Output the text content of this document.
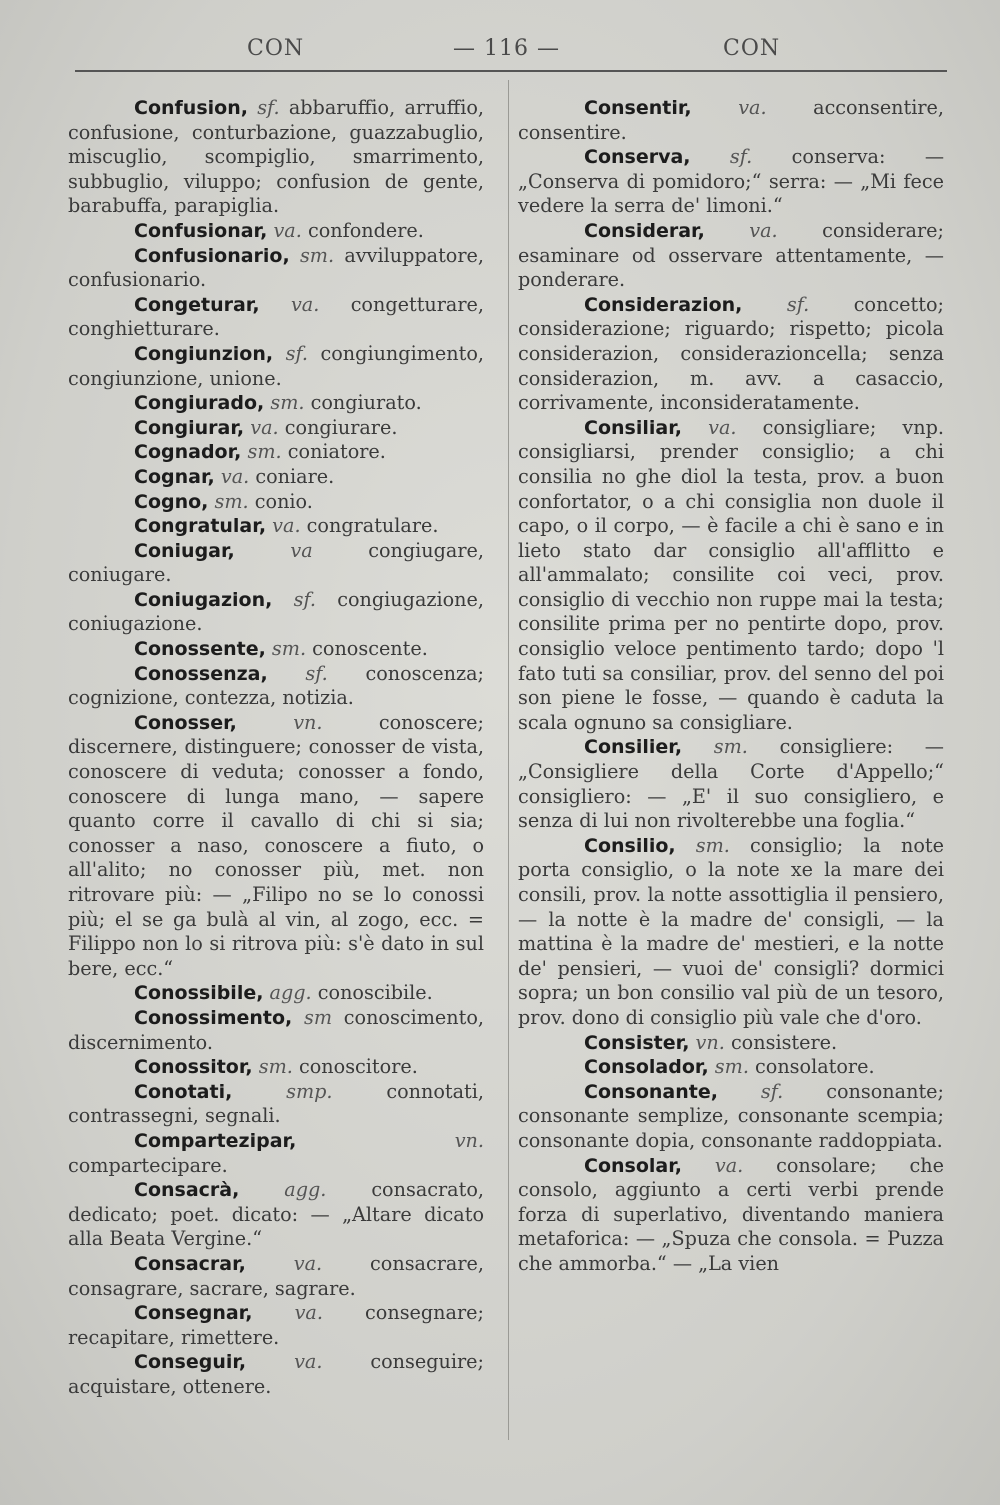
CON	— 116 —	CON

Confusion, sf. abbaruffio, arruffio, confusione, conturbazione, guazzabuglio, miscuglio, scompiglio, smarrimento, subbuglio, viluppo; confusion de gente, barabuffa, parapiglia.

Confusionar, va. confondere.

Confusionario, sm. avviluppatore, confusionario.

Congeturar, va. congetturare, conghietturare.

Congiunzion, sf. congiungimento, congiunzione, unione.

Congiurado, sm. congiurato.

Congiurar, va. congiurare.

Cognador, sm. coniatore.

Cognar, va. coniare.

Cogno, sm. conio.

Congratular, va. congratulare.

Coniugar,	va	congiugare, coniugare.

Coniugazion, sf. congiugazione, coniugazione.

Conossente, sm. conoscente.

Conossenza, sf. conoscenza; cognizione, contezza, notizia.

Conosser,	vn.	conoscere; discernere, distinguere; conosser de vista, conoscere di veduta; conosser a fondo, conoscere di lunga mano, — sapere quanto corre il cavallo di chi si sia; conosser a naso, conoscere a fiuto, o all'alito; no conosser più, met. non ritrovare più: — „Filipo no se lo conossi più; el se ga bulà al vin, al zogo, ecc. = Filippo non lo si ritrova più: s'è dato in sul bere, ecc.“

Conossibile, agg. conoscibile.

Conossimento, sm conoscimento, discernimento.

Conossitor, sm. conoscitore.

Conotati,	smp.	connotati, contrassegni, segnali.

Compartezipar,	vn. compartecipare.

Consacrà, agg. consacrato, dedicato; poet. dicato: — „Altare dicato alla Beata Vergine.“

Consacrar, va. consacrare, consagrare, sacrare, sagrare.

Consegnar, va. consegnare; recapitare, rimettere.

Conseguir, va. conseguire; acquistare, ottenere.

Consentir, va. acconsentire, consentire.

Conserva, sf. conserva: — „Conserva di pomidoro;“ serra: — „Mi fece vedere la serra de' limoni.“

Considerar, va. considerare; esaminare od osservare attentamente, — ponderare.

Considerazion, sf. concetto; considerazione; riguardo; rispetto; picola considerazion, considerazioncella; senza considerazion, m. avv. a casaccio, corrivamente, inconsideratamente.

Consiliar, va. consigliare; vnp. consigliarsi, prender consiglio; a chi consilia no ghe diol la testa, prov. a buon confortator, o a chi consiglia non duole il capo, o il corpo, — è facile a chi è sano e in lieto stato dar consiglio all'afflitto e all'ammalato; consilite coi veci, prov. consiglio di vecchio non ruppe mai la testa; consilite prima per no pentirte dopo, prov. consiglio veloce pentimento tardo; dopo 'l fato tuti sa consiliar, prov. del senno del poi son piene le fosse, — quando è caduta la scala ognuno sa consigliare.

Consilier, sm. consigliere: — „Consigliere della Corte d'Appello;“ consigliero: — „E' il suo consigliero, e senza di lui non rivolterebbe una foglia.“

Consilio, sm. consiglio; la note porta consiglio, o la note xe la mare dei consili, prov. la notte assottiglia il pensiero, — la notte è la madre de' consigli, — la mattina è la madre de' mestieri, e la notte de' pensieri, — vuoi de' consigli? dormici sopra; un bon consilio val più de un tesoro, prov. dono di consiglio più vale che d'oro.

Consister, vn. consistere.

Consolador, sm. consolatore.

Consonante, sf. consonante; consonante semplize, consonante scempia; consonante dopia, consonante raddoppiata.

Consolar, va. consolare; che consolo, aggiunto a certi verbi prende forza di superlativo, diventando maniera metaforica: — „Spuza che consola. = Puzza che ammorba.“ — „La vien
